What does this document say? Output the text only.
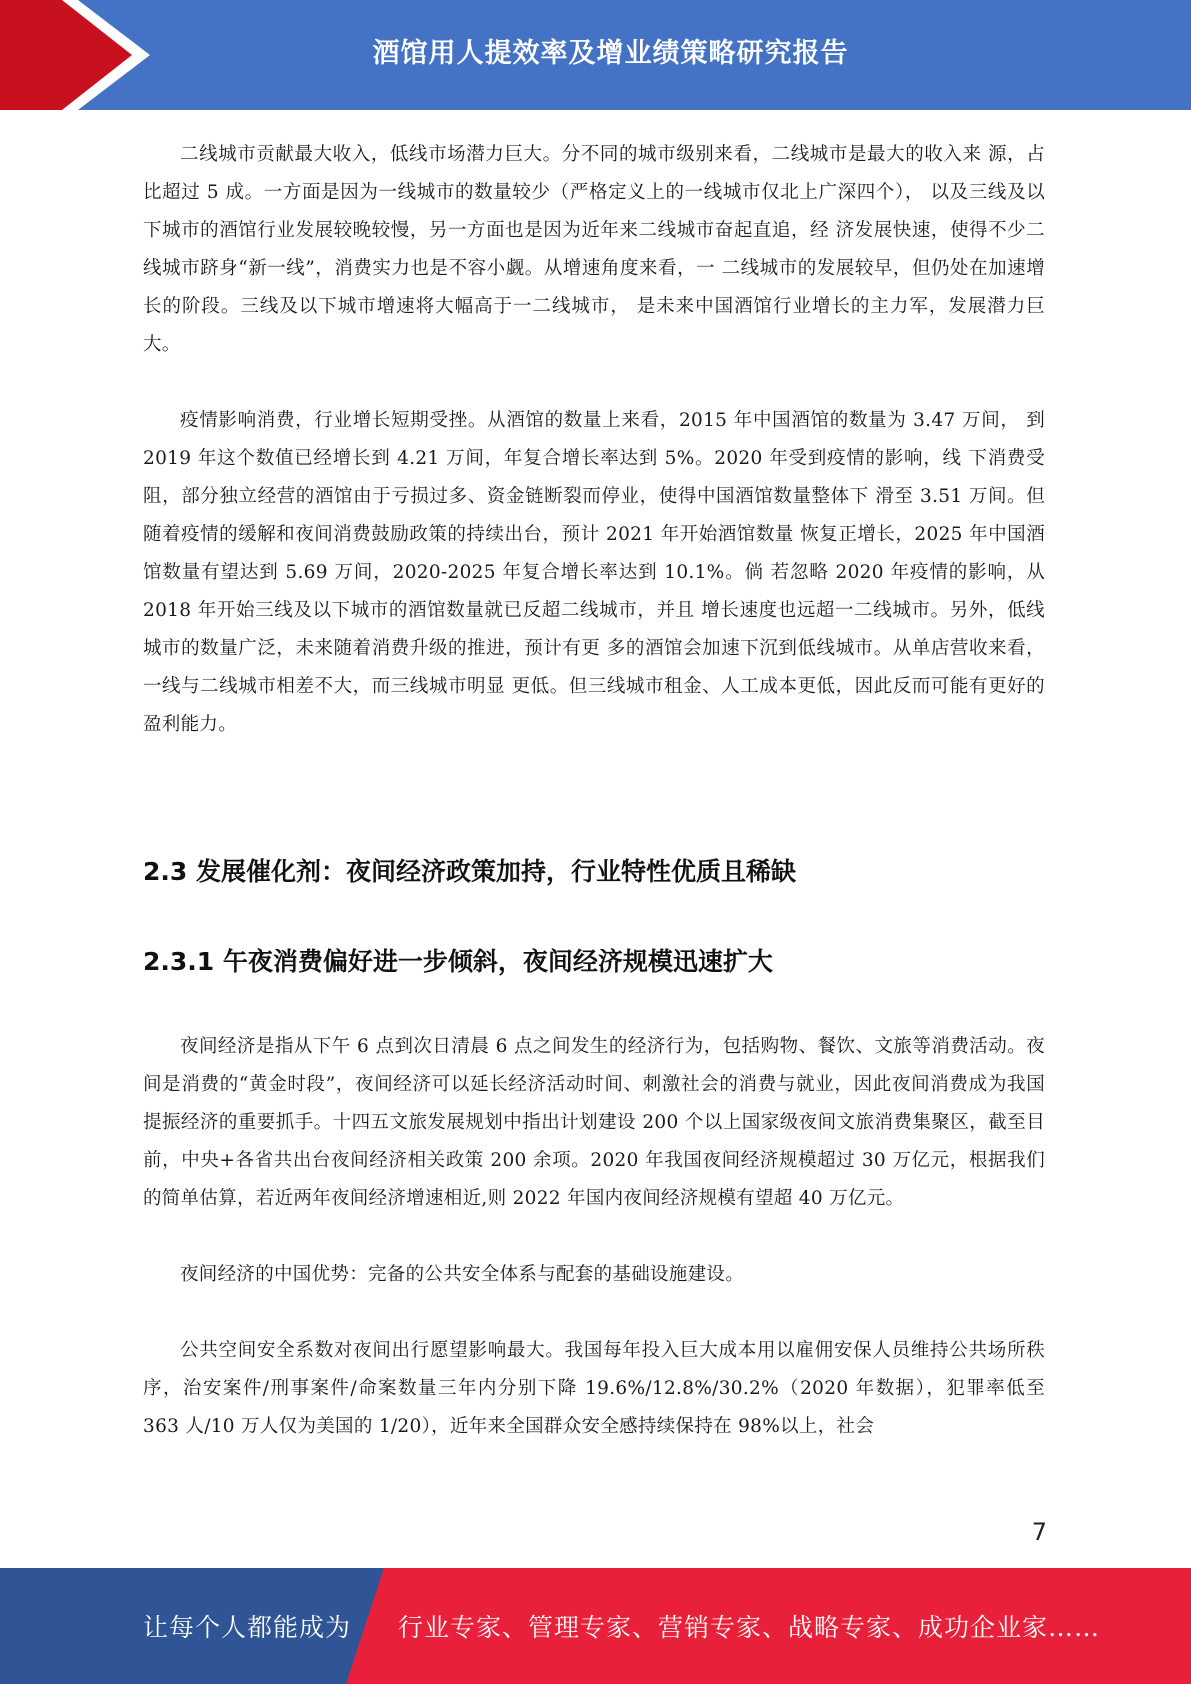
酒馆用人提效率及增业绩策略研究报告

二线城市贡献最大收入，低线市场潜力巨大。分不同的城市级别来看，二线城市是最大的收入来 源，占比超过 5 成。一方面是因为一线城市的数量较少（严格定义上的一线城市仅北上广深四个）， 以及三线及以下城市的酒馆行业发展较晚较慢，另一方面也是因为近年来二线城市奋起直追，经 济发展快速，使得不少二线城市跻身“新一线”，消费实力也是不容小觑。从增速角度来看，一 二线城市的发展较早，但仍处在加速增长的阶段。三线及以下城市增速将大幅高于一二线城市， 是未来中国酒馆行业增长的主力军，发展潜力巨大。

疫情影响消费，行业增长短期受挫。从酒馆的数量上来看，2015 年中国酒馆的数量为 3.47 万间， 到 2019 年这个数值已经增长到 4.21 万间，年复合增长率达到 5%。2020 年受到疫情的影响，线 下消费受阻，部分独立经营的酒馆由于亏损过多、资金链断裂而停业，使得中国酒馆数量整体下 滑至 3.51 万间。但随着疫情的缓解和夜间消费鼓励政策的持续出台，预计 2021 年开始酒馆数量 恢复正增长，2025 年中国酒馆数量有望达到 5.69 万间，2020-2025 年复合增长率达到 10.1%。倘 若忽略 2020 年疫情的影响，从 2018 年开始三线及以下城市的酒馆数量就已反超二线城市，并且 增长速度也远超一二线城市。另外，低线城市的数量广泛，未来随着消费升级的推进，预计有更 多的酒馆会加速下沉到低线城市。从单店营收来看，一线与二线城市相差不大，而三线城市明显 更低。但三线城市租金、人工成本更低，因此反而可能有更好的盈利能力。

2.3 发展催化剂：夜间经济政策加持，行业特性优质且稀缺
2.3.1 午夜消费偏好进一步倾斜，夜间经济规模迅速扩大

夜间经济是指从下午 6 点到次日清晨 6 点之间发生的经济行为，包括购物、餐饮、文旅等消费活动。夜间是消费的“黄金时段”，夜间经济可以延长经济活动时间、刺激社会的消费与就业，因此夜间消费成为我国提振经济的重要抓手。十四五文旅发展规划中指出计划建设 200 个以上国家级夜间文旅消费集聚区，截至目前，中央+各省共出台夜间经济相关政策 200 余项。2020 年我国夜间经济规模超过 30 万亿元，根据我们的简单估算，若近两年夜间经济增速相近,则 2022 年国内夜间经济规模有望超 40 万亿元。

夜间经济的中国优势：完备的公共安全体系与配套的基础设施建设。

公共空间安全系数对夜间出行愿望影响最大。我国每年投入巨大成本用以雇佣安保人员维持公共场所秩序，治安案件/刑事案件/命案数量三年内分别下降 19.6%/12.8%/30.2%（2020 年数据），犯罪率低至 363 人/10 万人仅为美国的 1/20），近年来全国群众安全感持续保持在 98%以上，社会

7
让每个人都能成为 行业专家、管理专家、营销专家、战略专家、成功企业家……
